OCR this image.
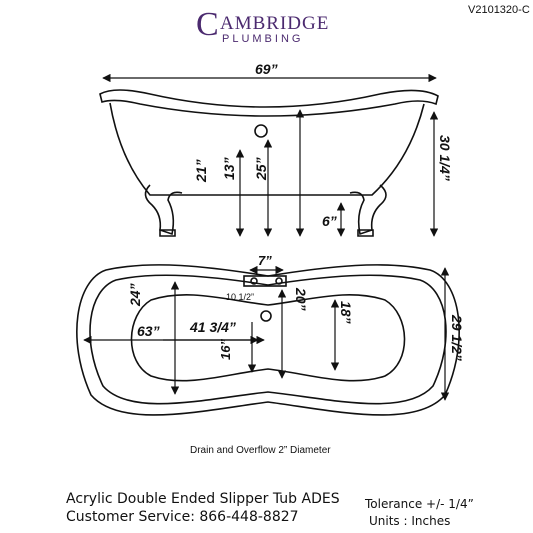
C AMBRIDGE
PLUMBING
V2101320-C
69”
30 1/4”
21” 13” 25”
6”
7”
10 1/2”
63” 41 3/4”
24”	20”
18”
16”	29 1/2”
Drain and Overflow 2” Diameter
Acrylic Double Ended Slipper Tub ADES
Customer Service: 866-448-8827
Tolerance +/- 1/4”
Units : Inches
